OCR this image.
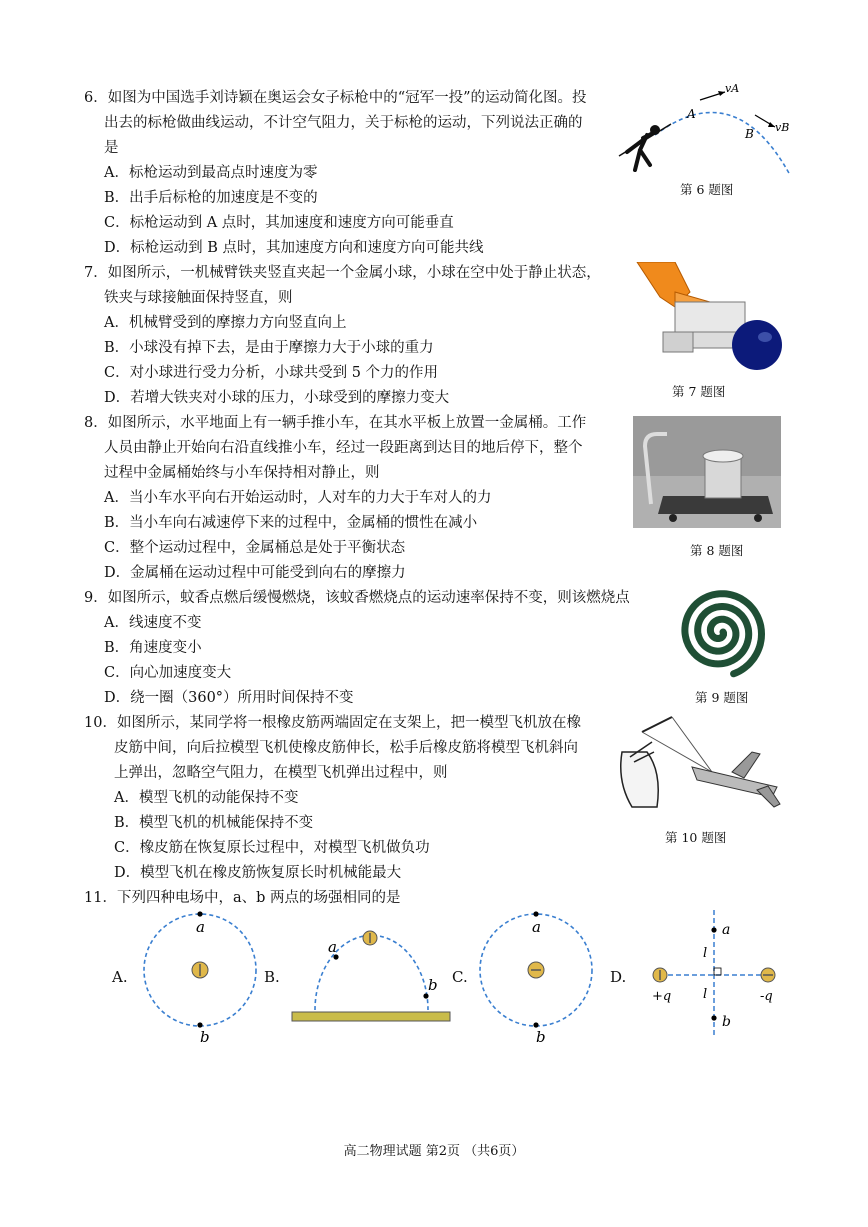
6．如图为中国选手刘诗颖在奥运会女子标枪中的“冠军一投”的运动简化图。投
出去的标枪做曲线运动，不计空气阻力，关于标枪的运动，下列说法正确的
是
A．标枪运动到最高点时速度为零
B．出手后标枪的加速度是不变的
C．标枪运动到 A 点时，其加速度和速度方向可能垂直
D．标枪运动到 B 点时，其加速度方向和速度方向可能共线
vA
vB
A
B
第 6 题图
7．如图所示，一机械臂铁夹竖直夹起一个金属小球，小球在空中处于静止状态，
铁夹与球接触面保持竖直，则
A．机械臂受到的摩擦力方向竖直向上
B．小球没有掉下去，是由于摩擦力大于小球的重力
C．对小球进行受力分析，小球共受到 5 个力的作用
D．若增大铁夹对小球的压力，小球受到的摩擦力变大	第 7 题图
8．如图所示，水平地面上有一辆手推小车，在其水平板上放置一金属桶。工作
人员由静止开始向右沿直线推小车，经过一段距离到达目的地后停下，整个
过程中金属桶始终与小车保持相对静止，则
A．当小车水平向右开始运动时，人对车的力大于车对人的力
B．当小车向右减速停下来的过程中，金属桶的惯性在减小
C．整个运动过程中，金属桶总是处于平衡状态
D．金属桶在运动过程中可能受到向右的摩擦力
第 8 题图
9．如图所示，蚊香点燃后缓慢燃烧，该蚊香燃烧点的运动速率保持不变，则该燃烧点
A．线速度不变
B．角速度变小
C．向心加速度变大
D．绕一圈（360°）所用时间保持不变	第 9 题图
10．如图所示，某同学将一根橡皮筋两端固定在支架上，把一模型飞机放在橡
皮筋中间，向后拉模型飞机使橡皮筋伸长，松手后橡皮筋将模型飞机斜向
上弹出，忽略空气阻力，在模型飞机弹出过程中，则
A．模型飞机的动能保持不变
B．模型飞机的机械能保持不变
C．橡皮筋在恢复原长过程中，对模型飞机做负功
D．模型飞机在橡皮筋恢复原长时机械能最大
第 10 题图
11．下列四种电场中，a、b 两点的场强相同的是
A.	B.	C.	D.
a
b
a
b
a
b
a
b
l
l
+q	-q
高二物理试题 第2页 （共6页）
